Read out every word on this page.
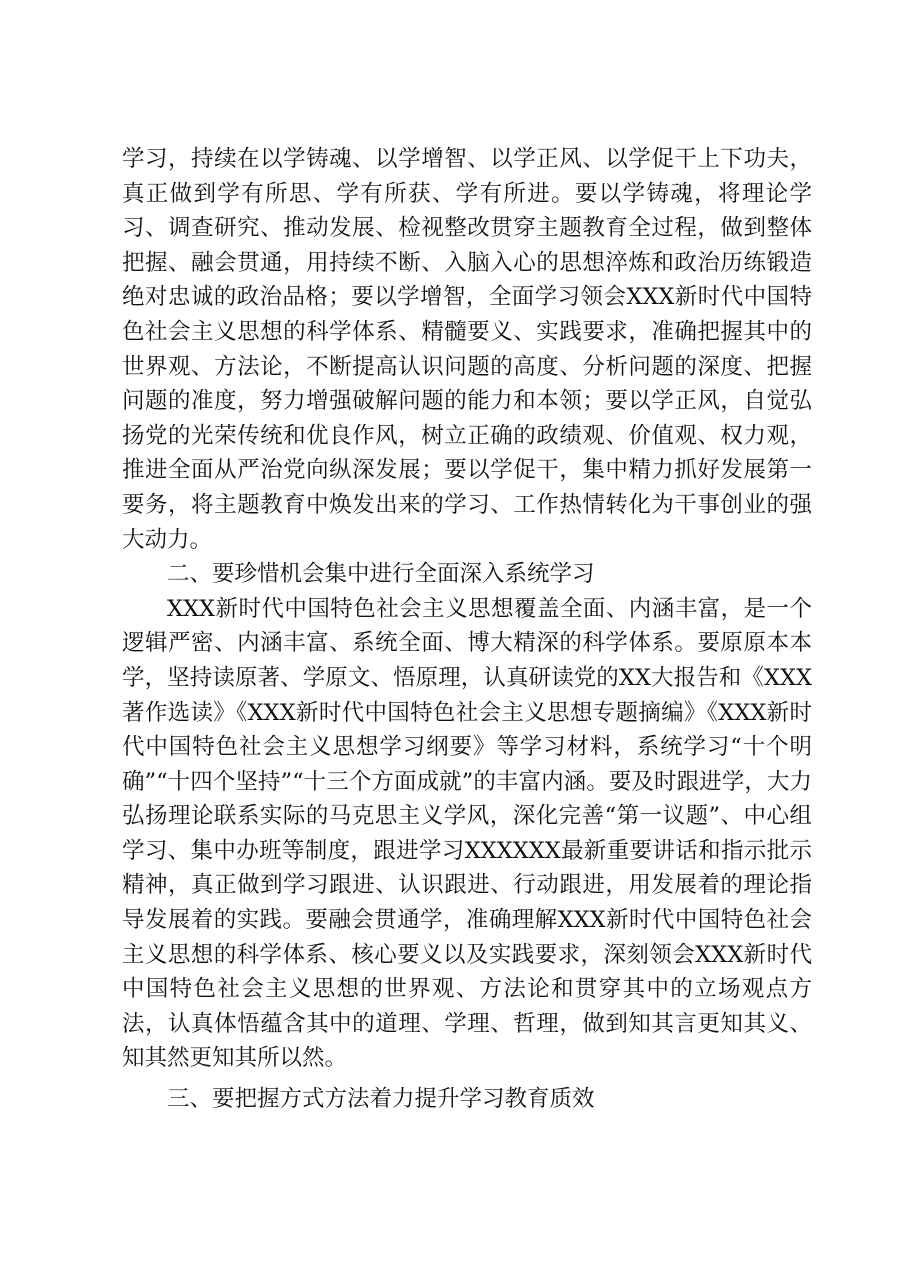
学习，持续在以学铸魂、以学增智、以学正风、以学促干上下功夫，真正做到学有所思、学有所获、学有所进。要以学铸魂，将理论学习、调查研究、推动发展、检视整改贯穿主题教育全过程，做到整体把握、融会贯通，用持续不断、入脑入心的思想淬炼和政治历练锻造绝对忠诚的政治品格；要以学增智，全面学习领会XXX新时代中国特色社会主义思想的科学体系、精髓要义、实践要求，准确把握其中的世界观、方法论，不断提高认识问题的高度、分析问题的深度、把握问题的准度，努力增强破解问题的能力和本领；要以学正风，自觉弘扬党的光荣传统和优良作风，树立正确的政绩观、价值观、权力观，推进全面从严治党向纵深发展；要以学促干，集中精力抓好发展第一要务，将主题教育中焕发出来的学习、工作热情转化为干事创业的强大动力。

二、要珍惜机会集中进行全面深入系统学习

XXX新时代中国特色社会主义思想覆盖全面、内涵丰富，是一个逻辑严密、内涵丰富、系统全面、博大精深的科学体系。要原原本本学，坚持读原著、学原文、悟原理，认真研读党的XX大报告和《XXX著作选读》《XXX新时代中国特色社会主义思想专题摘编》《XXX新时代中国特色社会主义思想学习纲要》等学习材料，系统学习“十个明确”“十四个坚持”“十三个方面成就”的丰富内涵。要及时跟进学，大力弘扬理论联系实际的马克思主义学风，深化完善“第一议题”、中心组学习、集中办班等制度，跟进学习XXXXXX最新重要讲话和指示批示精神，真正做到学习跟进、认识跟进、行动跟进，用发展着的理论指导发展着的实践。要融会贯通学，准确理解XXX新时代中国特色社会主义思想的科学体系、核心要义以及实践要求，深刻领会XXX新时代中国特色社会主义思想的世界观、方法论和贯穿其中的立场观点方法，认真体悟蕴含其中的道理、学理、哲理，做到知其言更知其义、知其然更知其所以然。

三、要把握方式方法着力提升学习教育质效
